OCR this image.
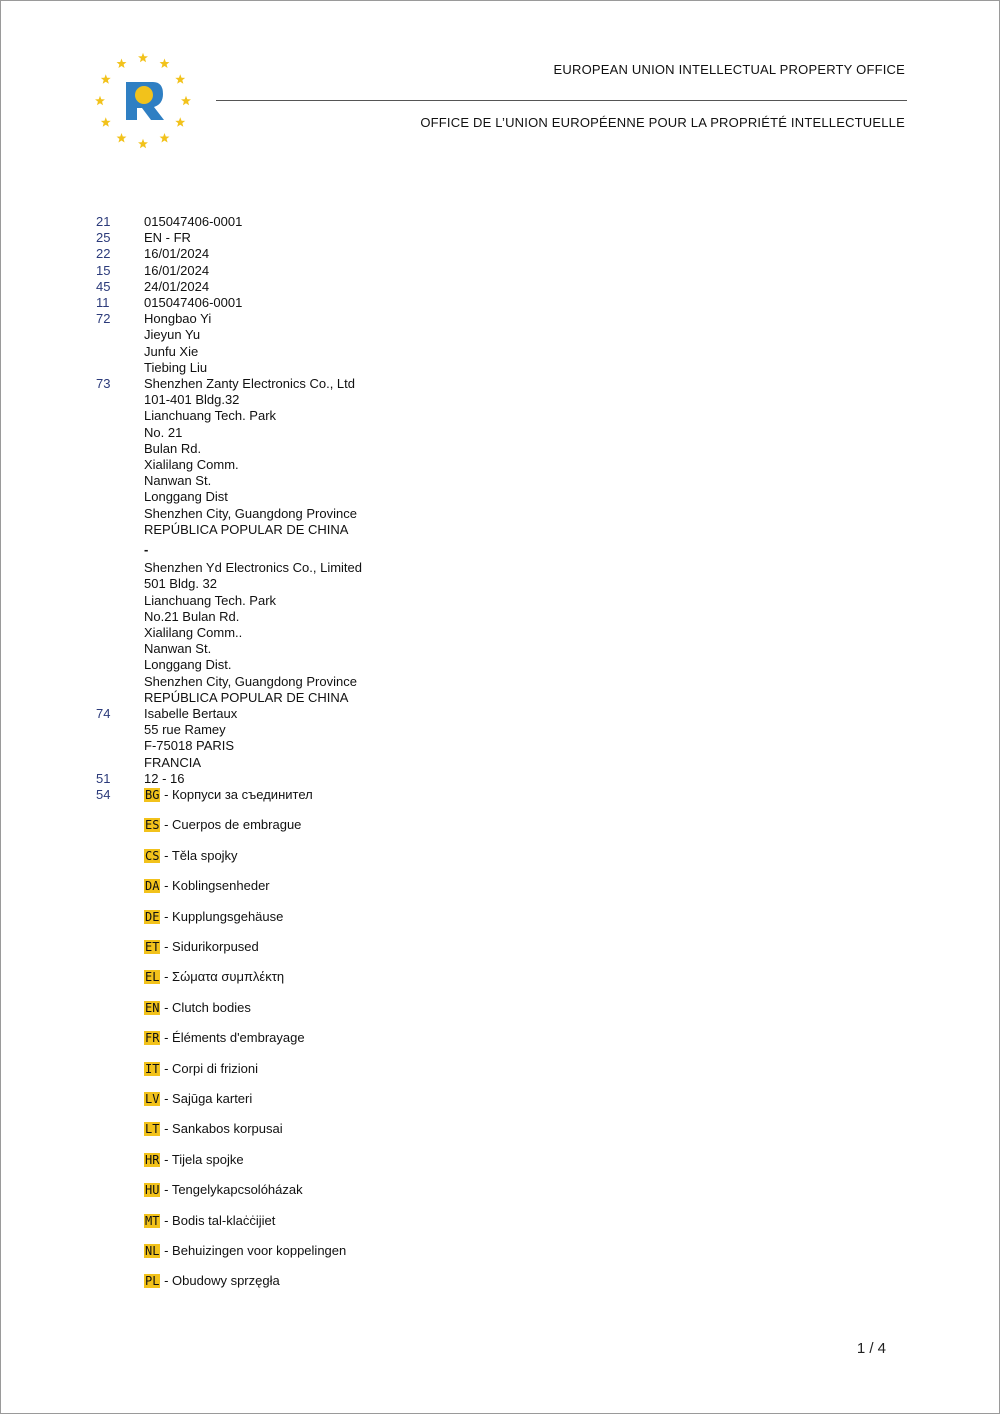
R
EUROPEAN UNION INTELLECTUAL PROPERTY OFFICE
OFFICE DE L’UNION EUROPÉENNE POUR LA PROPRIÉTÉ INTELLECTUELLE
21	015047406-0001
25	EN - FR
22	16/01/2024
15	16/01/2024
45	24/01/2024
11	015047406-0001
72	Hongbao Yi
Jieyun Yu
Junfu Xie
Tiebing Liu
73	Shenzhen Zanty Electronics Co., Ltd
101-401 Bldg.32
Lianchuang Tech. Park
No. 21
Bulan Rd.
Xialilang Comm.
Nanwan St.
Longgang Dist
Shenzhen City, Guangdong Province
REPÚBLICA POPULAR DE CHINA
-
Shenzhen Yd Electronics Co., Limited
501 Bldg. 32
Lianchuang Tech. Park
No.21 Bulan Rd.
Xialilang Comm..
Nanwan St.
Longgang Dist.
Shenzhen City, Guangdong Province
REPÚBLICA POPULAR DE CHINA
74	Isabelle Bertaux
55 rue Ramey
F-75018 PARIS
FRANCIA
51	12 - 16
54	BG - Корпуси за съединител
ES - Cuerpos de embrague
CS - Těla spojky
DA - Koblingsenheder
DE - Kupplungsgehäuse
ET - Sidurikorpused
EL - Σώματα συμπλέκτη
EN - Clutch bodies
FR - Éléments d'embrayage
IT - Corpi di frizioni
LV - Sajūga karteri
LT - Sankabos korpusai
HR - Tijela spojke
HU - Tengelykapcsolóházak
MT - Bodis tal-klaċċijiet
NL - Behuizingen voor koppelingen
PL - Obudowy sprzęgła
1 / 4
